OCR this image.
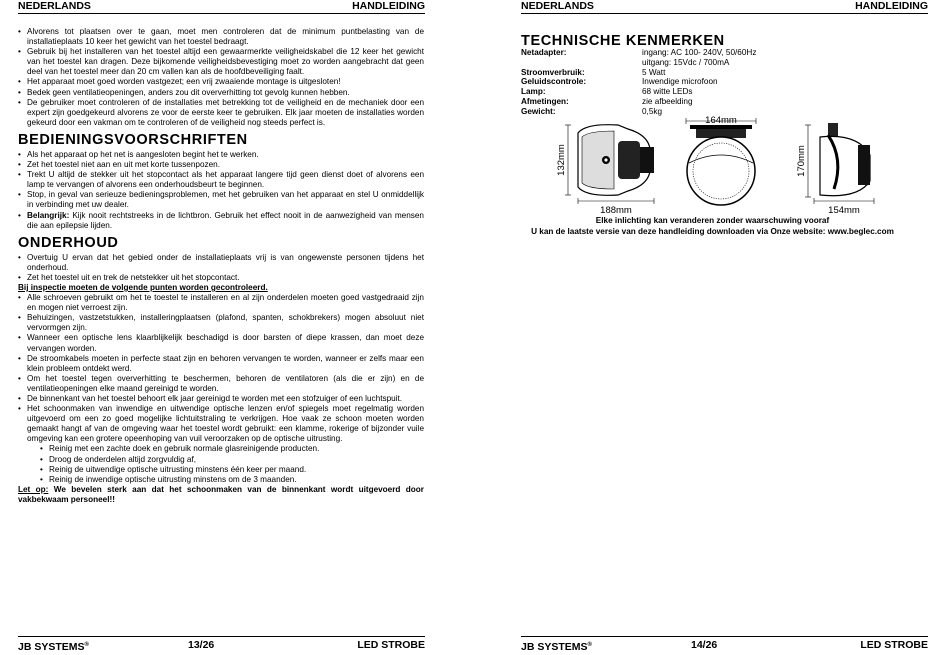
NEDERLANDS	HANDLEIDING
• Alvorens tot plaatsen over te gaan, moet men controleren dat de minimum puntbelasting van de installatieplaats 10 keer het gewicht van het toestel bedraagt.
• Gebruik bij het installeren van het toestel altijd een gewaarmerkte veiligheidskabel die 12 keer het gewicht van het toestel kan dragen. Deze bijkomende veiligheidsbevestiging moet zo worden aangebracht dat geen deel van het toestel meer dan 20 cm vallen kan als de hoofdbeveiliging faalt.
• Het apparaat moet goed worden vastgezet; een vrij zwaaiende montage is uitgesloten!
• Bedek geen ventilatieopeningen, anders zou dit oververhitting tot gevolg kunnen hebben.
• De gebruiker moet controleren of de installaties met betrekking tot de veiligheid en de mechaniek door een expert zijn goedgekeurd alvorens ze voor de eerste keer te gebruiken. Elk jaar moeten de installaties worden gekeurd door een vakman om te controleren of de veiligheid nog steeds perfect is.
BEDIENINGSVOORSCHRIFTEN
• Als het apparaat op het net is aangesloten begint het te werken.
• Zet het toestel niet aan en uit met korte tussenpozen.
• Trekt U altijd de stekker uit het stopcontact als het apparaat langere tijd geen dienst doet of alvorens een lamp te vervangen of alvorens een onderhoudsbeurt te beginnen.
• Stop, in geval van serieuze bedieningsproblemen, met het gebruiken van het apparaat en stel U onmiddellijk in verbinding met uw dealer.
• Belangrijk: Kijk nooit rechtstreeks in de lichtbron. Gebruik het effect nooit in de aanwezigheid van mensen die aan epilepsie lijden.
ONDERHOUD
• Overtuig U ervan dat het gebied onder de installatieplaats vrij is van ongewenste personen tijdens het onderhoud.
• Zet het toestel uit en trek de netstekker uit het stopcontact.
Bij inspectie moeten de volgende punten worden gecontroleerd.
• Alle schroeven gebruikt om het te toestel te installeren en al zijn onderdelen moeten goed vastgedraaid zijn en mogen niet verroest zijn.
• Behuizingen, vastzetstukken, installeringplaatsen (plafond, spanten, schokbrekers) mogen absoluut niet vervormgen zijn.
• Wanneer een optische lens klaarblijkelijk beschadigd is door barsten of diepe krassen, dan moet deze vervangen worden.
• De stroomkabels moeten in perfecte staat zijn en behoren vervangen te worden, wanneer er zelfs maar een klein probleem ontdekt werd.
• Om het toestel tegen oververhitting te beschermen, behoren de ventilatoren (als die er zijn) en de ventilatieopeningen elke maand gereinigd te worden.
• De binnenkant van het toestel behoort elk jaar gereinigd te worden met een stofzuiger of een luchtspuit.
• Het schoonmaken van inwendige en uitwendige optische lenzen en/of spiegels moet regelmatig worden uitgevoerd om een zo goed mogelijke lichtuitstraling te verkrijgen. Hoe vaak ze schoon moeten worden gemaakt hangt af van de omgeving waar het toestel wordt gebruikt: een klamme, rokerige of bijzonder vuile omgeving kan een grotere opeenhoping van vuil veroorzaken op de optische uitrusting.
• Reinig met een zachte doek en gebruik normale glasreinigende producten.
• Droog de onderdelen altijd zorgvuldig af,
• Reinig de uitwendige optische uitrusting minstens één keer per maand.
• Reinig de inwendige optische uitrusting minstens om de 3 maanden.
Let op: We bevelen sterk aan dat het schoonmaken van de binnenkant wordt uitgevoerd door vakbekwaam personeel!!
JB SYSTEMS®	13/26	LED STROBE
NEDERLANDS	HANDLEIDING
JB SYSTEMS®	14/26	LED STROBE
TECHNISCHE KENMERKEN
Netadapter:	ingang: AC 100- 240V, 50/60Hz
	uitgang: 15Vdc / 700mA
Stroomverbruik:	5 Watt
Geluidscontrole:	Inwendige microfoon
Lamp:	68 witte LEDs
Afmetingen:	zie afbeelding
Gewicht:	0,5kg
132mm
188mm
164mm
170mm
154mm
Elke inlichting kan veranderen zonder waarschuwing vooraf
U kan de laatste versie van deze handleiding downloaden via Onze website: www.beglec.com
